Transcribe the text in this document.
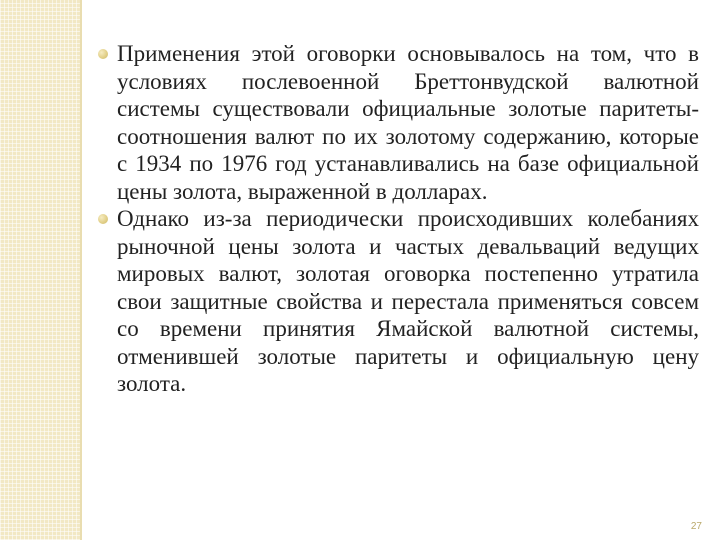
Применения этой оговорки основывалось на том, что в условиях послевоенной Бреттонвудской валютной системы существовали официальные золотые паритеты- соотношения валют по их золотому содержанию, которые с 1934 по 1976 год устанавливались на базе официальной цены золота, выраженной в долларах.
Однако из-за периодически происходивших колебаниях рыночной цены золота и частых девальваций ведущих мировых валют, золотая оговорка постепенно утратила свои защитные свойства и перестала применяться совсем со времени принятия Ямайской валютной системы, отменившей золотые паритеты и официальную цену золота.
27
